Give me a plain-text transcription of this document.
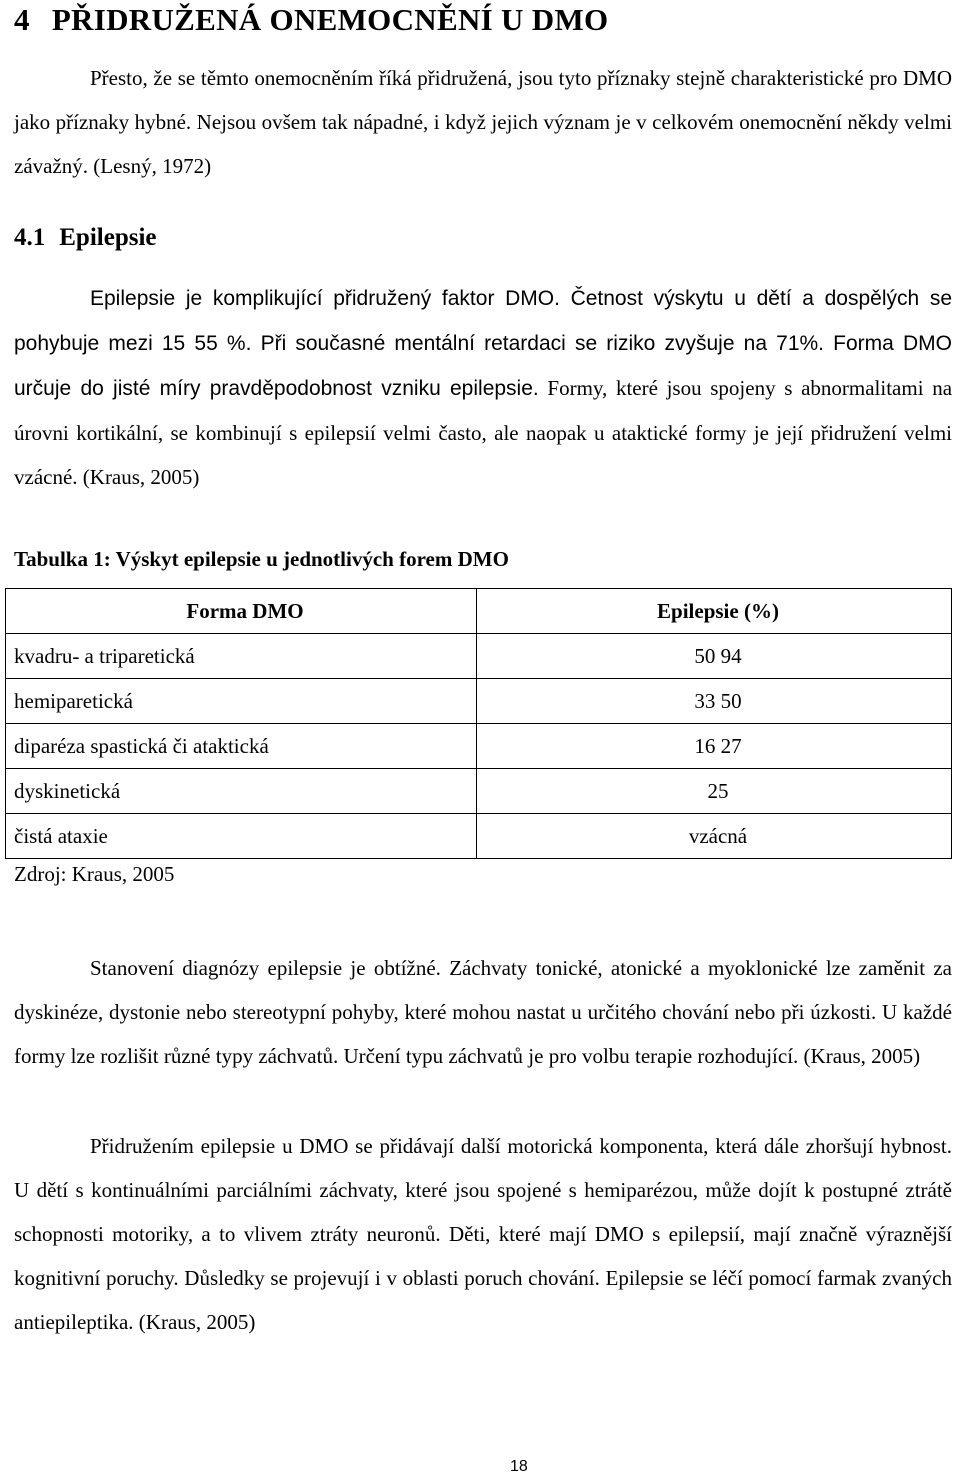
4 PŘIDRUŽENÁ ONEMOCNĚNÍ U DMO

Přesto, že se těmto onemocněním říká přidružená, jsou tyto příznaky stejně charakteristické pro DMO jako příznaky hybné. Nejsou ovšem tak nápadné, i když jejich význam je v celkovém onemocnění někdy velmi závažný. (Lesný, 1972)

4.1 Epilepsie

Epilepsie je komplikující přidružený faktor DMO. Četnost výskytu u dětí a dospělých se pohybuje mezi 15 55 %. Při současné mentální retardaci se riziko zvyšuje na 71%. Forma DMO určuje do jisté míry pravděpodobnost vzniku epilepsie. Formy, které jsou spojeny s abnormalitami na úrovni kortikální, se kombinují s epilepsií velmi často, ale naopak u ataktické formy je její přidružení velmi vzácné. (Kraus, 2005)

Tabulka 1: Výskyt epilepsie u jednotlivých forem DMO

Forma DMO	Epilepsie (%)
kvadru- a triparetická	50 94
hemiparetická	33 50
diparéza spastická či ataktická	16 27
dyskinetická	25
čistá ataxie	vzácná

Zdroj: Kraus, 2005

Stanovení diagnózy epilepsie je obtížné. Záchvaty tonické, atonické a myoklonické lze zaměnit za dyskinéze, dystonie nebo stereotypní pohyby, které mohou nastat u určitého chování nebo při úzkosti. U každé formy lze rozlišit různé typy záchvatů. Určení typu záchvatů je pro volbu terapie rozhodující. (Kraus, 2005)

Přidružením epilepsie u DMO se přidávají další motorická komponenta, která dále zhoršují hybnost. U dětí s kontinuálními parciálními záchvaty, které jsou spojené s hemiparézou, může dojít k postupné ztrátě schopnosti motoriky, a to vlivem ztráty neuronů. Děti, které mají DMO s epilepsií, mají značně výraznější kognitivní poruchy. Důsledky se projevují i v oblasti poruch chování. Epilepsie se léčí pomocí farmak zvaných antiepileptika. (Kraus, 2005)

18
